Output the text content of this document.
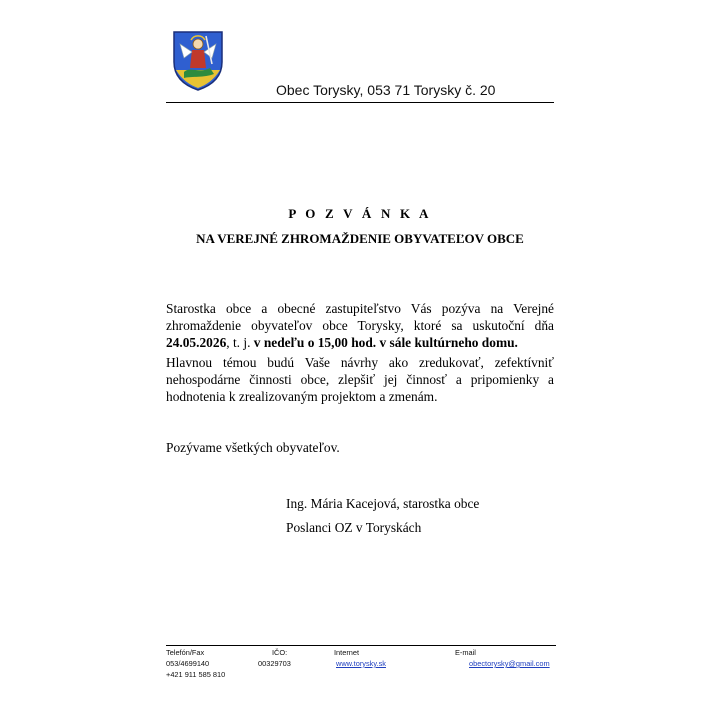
Obec Torysky, 053 71 Torysky č. 20
P O Z V Á N K A
NA VEREJNÉ ZHROMAŽDENIE OBYVATEĽOV OBCE
Starostka obce a obecné zastupiteľstvo Vás pozýva na Verejné zhromaždenie obyvateľov obce Torysky, ktoré sa uskutoční dňa 24.05.2026, t. j. v nedeľu o 15,00 hod. v sále kultúrneho domu.
Hlavnou témou budú Vaše návrhy ako zredukovať, zefektívniť nehospodárne činnosti obce, zlepšiť jej činnosť a pripomienky a hodnotenia k zrealizovaným projektom a zmenám.
Pozývame všetkých obyvateľov.
Ing. Mária Kacejová, starostka obce
Poslanci OZ v Toryskách
Telefón/Fax
053/4699140
+421 911 585 810
IČO:
00329703
Internet
www.torysky.sk
E-mail
obectorysky@gmail.com
